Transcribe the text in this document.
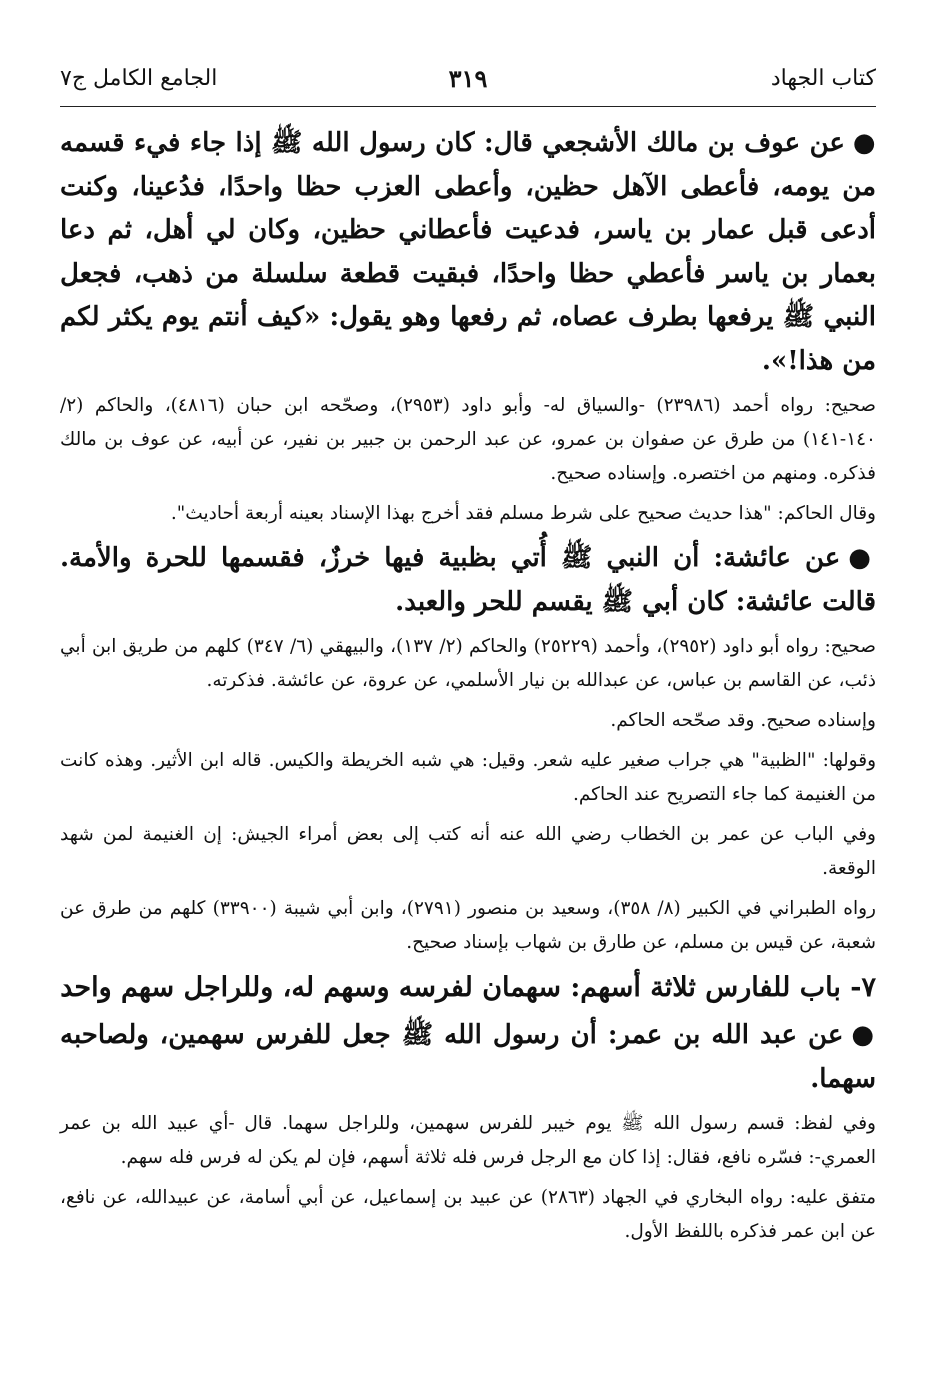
كتاب الجهاد
٣١٩
الجامع الكامل ج٧

●عن عوف بن مالك الأشجعي قال: كان رسول الله ﷺ إذا جاء فيء قسمه من يومه، فأعطى الآهل حظين، وأعطى العزب حظا واحدًا، فدُعينا، وكنت أدعى قبل عمار بن ياسر، فدعيت فأعطاني حظين، وكان لي أهل، ثم دعا بعمار بن ياسر فأعطي حظا واحدًا، فبقيت قطعة سلسلة من ذهب، فجعل النبي ﷺ يرفعها بطرف عصاه، ثم رفعها وهو يقول: «كيف أنتم يوم يكثر لكم من هذا!».

صحيح: رواه أحمد (٢٣٩٨٦) -والسياق له- وأبو داود (٢٩٥٣)، وصحّحه ابن حبان (٤٨١٦)، والحاكم (٢/ ١٤٠-١٤١) من طرق عن صفوان بن عمرو، عن عبد الرحمن بن جبير بن نفير، عن أبيه، عن عوف بن مالك فذكره. ومنهم من اختصره. وإسناده صحيح.

وقال الحاكم: "هذا حديث صحيح على شرط مسلم فقد أخرج بهذا الإسناد بعينه أربعة أحاديث".

●عن عائشة: أن النبي ﷺ أُتي بظبية فيها خرزٌ، فقسمها للحرة والأمة. قالت عائشة: كان أبي ﷺ يقسم للحر والعبد.

صحيح: رواه أبو داود (٢٩٥٢)، وأحمد (٢٥٢٢٩) والحاكم (٢/ ١٣٧)، والبيهقي (٦/ ٣٤٧) كلهم من طريق ابن أبي ذئب، عن القاسم بن عباس، عن عبدالله بن نيار الأسلمي، عن عروة، عن عائشة. فذكرته.

وإسناده صحيح. وقد صحّحه الحاكم.

وقولها: "الظبية" هي جراب صغير عليه شعر. وقيل: هي شبه الخريطة والكيس. قاله ابن الأثير. وهذه كانت من الغنيمة كما جاء التصريح عند الحاكم.

وفي الباب عن عمر بن الخطاب رضي الله عنه أنه كتب إلى بعض أمراء الجيش: إن الغنيمة لمن شهد الوقعة.

رواه الطبراني في الكبير (٨/ ٣٥٨)، وسعيد بن منصور (٢٧٩١)، وابن أبي شيبة (٣٣٩٠٠) كلهم من طرق عن شعبة، عن قيس بن مسلم، عن طارق بن شهاب بإسناد صحيح.

٧- باب للفارس ثلاثة أسهم: سهمان لفرسه وسهم له، وللراجل سهم واحد

●عن عبد الله بن عمر: أن رسول الله ﷺ جعل للفرس سهمين، ولصاحبه سهما.

وفي لفظ: قسم رسول الله ﷺ يوم خيبر للفرس سهمين، وللراجل سهما. قال -أي عبيد الله بن عمر العمري-: فسّره نافع، فقال: إذا كان مع الرجل فرس فله ثلاثة أسهم، فإن لم يكن له فرس فله سهم.

متفق عليه: رواه البخاري في الجهاد (٢٨٦٣) عن عبيد بن إسماعيل، عن أبي أسامة، عن عبيدالله، عن نافع، عن ابن عمر فذكره باللفظ الأول.
